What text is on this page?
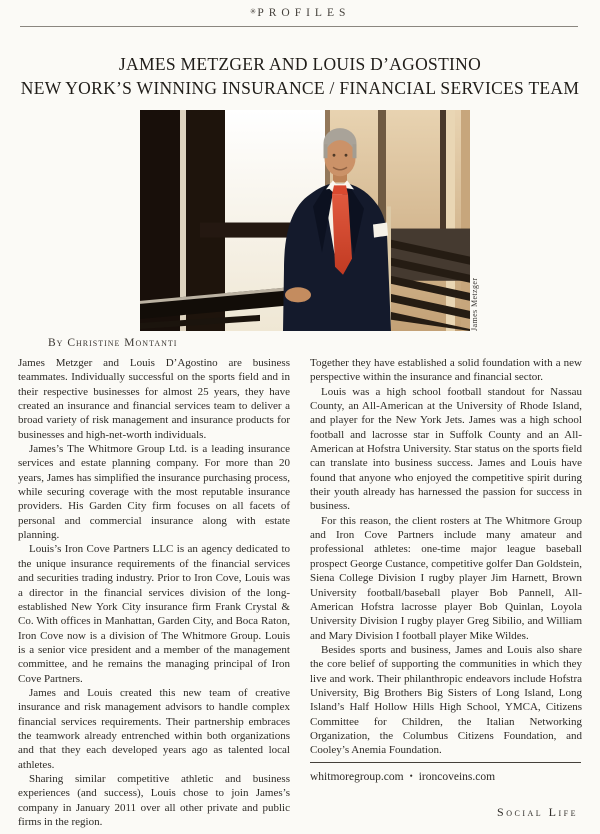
✳PROFILES
JAMES METZGER AND LOUIS D’AGOSTINO
NEW YORK’S WINNING INSURANCE / FINANCIAL SERVICES TEAM
James Metzger
By Christine Montanti

James Metzger and Louis D’Agostino are business teammates. Individually successful on the sports field and in their respective businesses for almost 25 years, they have created an insurance and financial services team to deliver a broad variety of risk management and insurance products for businesses and high-net-worth individuals.

James’s The Whitmore Group Ltd. is a leading insurance services and estate planning company. For more than 20 years, James has simplified the insurance purchasing process, while securing coverage with the most reputable insurance providers. His Garden City firm focuses on all facets of personal and commercial insurance along with estate planning.

Louis’s Iron Cove Partners LLC is an agency dedicated to the unique insurance requirements of the financial services and securities trading industry. Prior to Iron Cove, Louis was a director in the financial services division of the long-established New York City insurance firm Frank Crystal & Co. With offices in Manhattan, Garden City, and Boca Raton, Iron Cove now is a division of The Whitmore Group. Louis is a senior vice president and a member of the management committee, and he remains the managing principal of Iron Cove Partners.

James and Louis created this new team of creative insurance and risk management advisors to handle complex financial services requirements. Their partnership embraces the teamwork already entrenched within both organizations and that they each developed years ago as talented local athletes.

Sharing similar competitive athletic and business experiences (and success), Louis chose to join James’s company in January 2011 over all other private and public firms in the region.

Together they have established a solid foundation with a new perspective within the insurance and financial sector.

Louis was a high school football standout for Nassau County, an All-American at the University of Rhode Island, and player for the New York Jets. James was a high school football and lacrosse star in Suffolk County and an All-American at Hofstra University. Star status on the sports field can translate into business success. James and Louis have found that anyone who enjoyed the competitive spirit during their youth already has harnessed the passion for success in business.

For this reason, the client rosters at The Whitmore Group and Iron Cove Partners include many amateur and professional athletes: one-time major league baseball prospect George Custance, competitive golfer Dan Goldstein, Siena College Division I rugby player Jim Harnett, Brown University football/baseball player Bob Pannell, All-American Hofstra lacrosse player Bob Quinlan, Loyola University Division I rugby player Greg Sibilio, and William and Mary Division I football player Mike Wildes.

Besides sports and business, James and Louis also share the core belief of supporting the communities in which they live and work. Their philanthropic endeavors include Hofstra University, Big Brothers Big Sisters of Long Island, Long Island’s Half Hollow Hills High School, YMCA, Citizens Committee for Children, the Italian Networking Organization, the Columbus Citizens Foundation, and Cooley’s Anemia Foundation.

whitmoregroup.com • ironcoveins.com
Social Life
